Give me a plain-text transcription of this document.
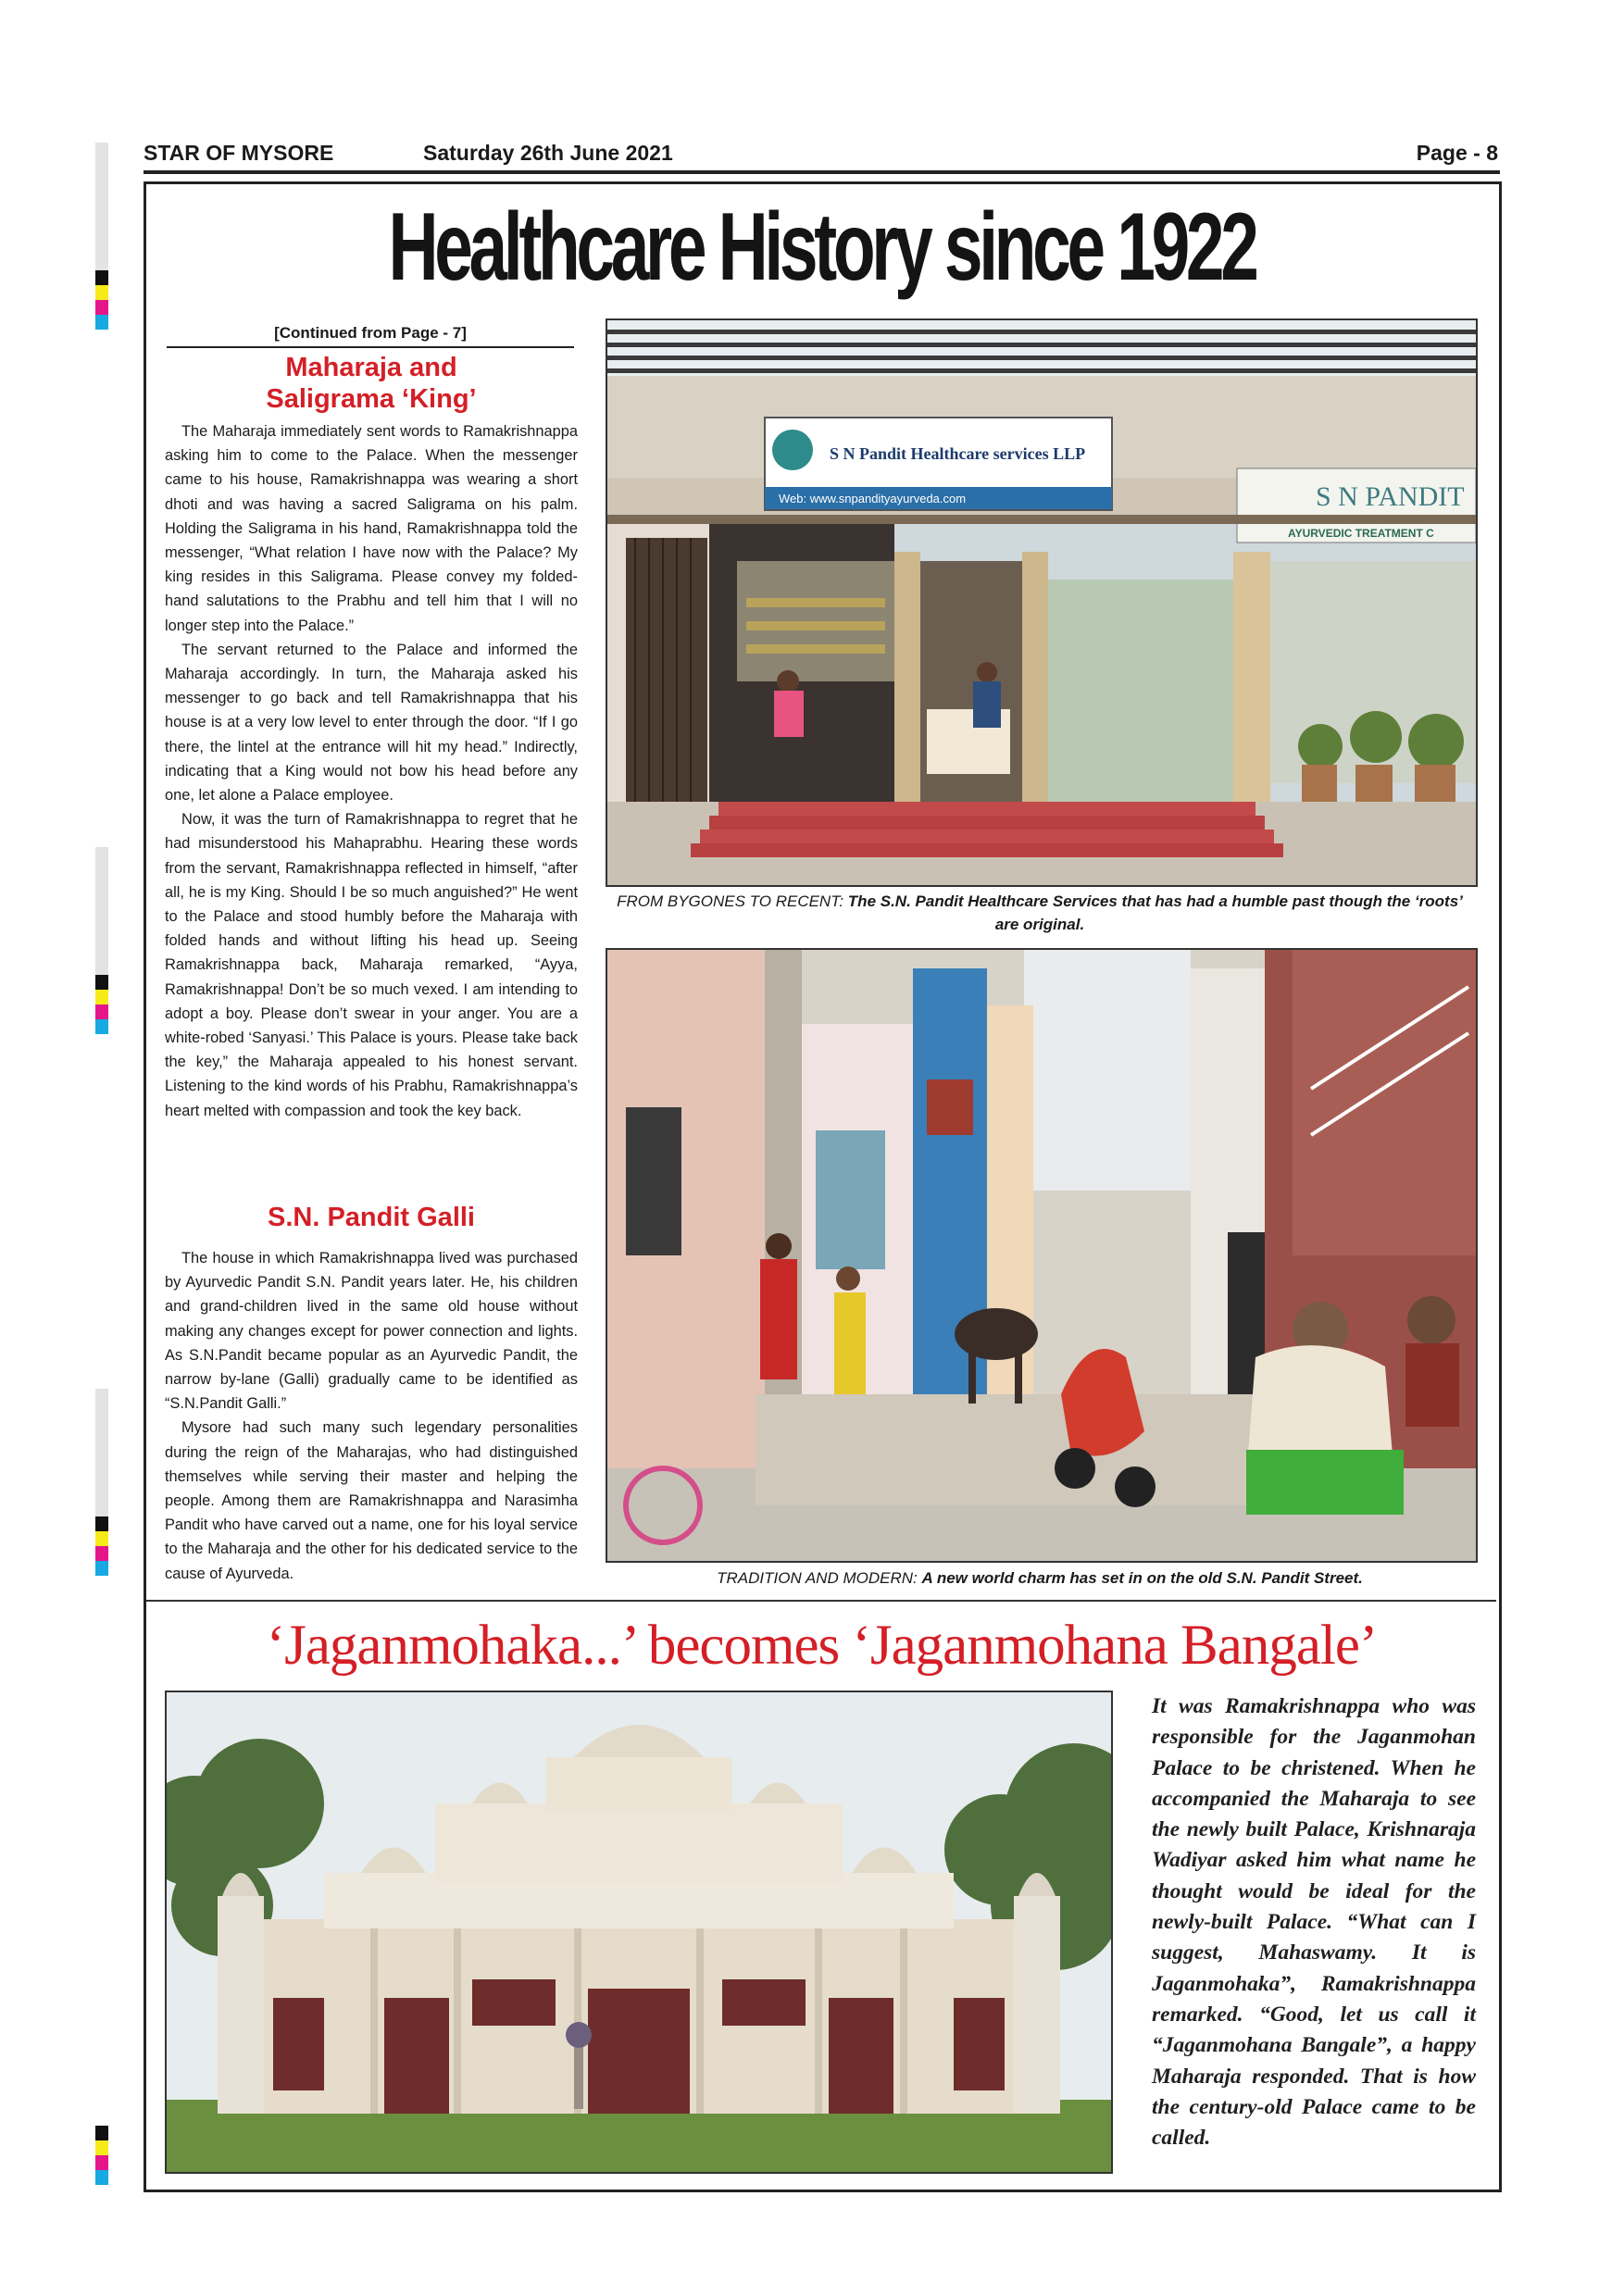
STAR OF MYSORE	Saturday 26th June 2021	Page - 8
Healthcare History since 1922
[Continued from Page - 7]
Maharaja and
Saligrama ‘King’

The Maharaja immediately sent words to Ramakrishnappa asking him to come to the Palace. When the messenger came to his house, Ramakrishnappa was wearing a short dhoti and was having a sacred Saligrama on his palm. Holding the Saligrama in his hand, Ramakrishnappa told the messenger, “What relation I have now with the Palace? My king resides in this Saligrama. Please convey my folded-hand salutations to the Prabhu and tell him that I will no longer step into the Palace.”

The servant returned to the Palace and informed the Maharaja accordingly. In turn, the Maharaja asked his messenger to go back and tell Ramakrishnappa that his house is at a very low level to enter through the door. “If I go there, the lintel at the entrance will hit my head.” Indirectly, indicating that a King would not bow his head before any one, let alone a Palace employee.

Now, it was the turn of Ramakrishnappa to regret that he had misunderstood his Mahaprabhu. Hearing these words from the servant, Ramakrishnappa reflected in himself, “after all, he is my King. Should I be so much anguished?” He went to the Palace and stood humbly before the Maharaja with folded hands and without lifting his head up. Seeing Ramakrishnappa back, Maharaja remarked, “Ayya, Ramakrishnappa! Don’t be so much vexed. I am intending to adopt a boy. Please don’t swear in your anger. You are a white-robed ‘Sanyasi.’ This Palace is yours. Please take back the key,” the Maharaja appealed to his honest servant. Listening to the kind words of his Prabhu, Ramakrishnappa’s heart melted with compassion and took the key back.

S.N. Pandit Galli

The house in which Ramakrishnappa lived was purchased by Ayurvedic Pandit S.N. Pandit years later. He, his children and grand-children lived in the same old house without making any changes except for power connection and lights. As S.N.Pandit became popular as an Ayurvedic Pandit, the narrow by-lane (Galli) gradually came to be identified as “S.N.Pandit Galli.”

Mysore had such many such legendary personalities during the reign of the Maharajas, who had distinguished themselves while serving their master and helping the people. Among them are Ramakrishnappa and Narasimha Pandit who have carved out a name, one for his loyal service to the Maharaja and the other for his dedicated service to the cause of Ayurveda.

S N Pandit Healthcare services LLP
Web: www.snpandityayurveda.com	S N PANDIT
AYURVEDIC TREATMENT C
FROM BYGONES TO RECENT: The S.N. Pandit Healthcare Services that has had a humble past though the ‘roots’ are original.
TRADITION AND MODERN: A new world charm has set in on the old S.N. Pandit Street.
‘Jaganmohaka...’ becomes ‘Jaganmohana Bangale’
It was Ramakrishnappa who was responsible for the Jaganmohan Palace to be christened. When he accompanied the Maharaja to see the newly built Palace, Krishnaraja Wadiyar asked him what name he thought would be ideal for the newly-built Palace. “What can I suggest, Mahaswamy. It is Jaganmohaka”, Ramakrishnappa remarked. “Good, let us call it “Jaganmohana Bangale”, a happy Maharaja responded. That is how the century-old Palace came to be called.
